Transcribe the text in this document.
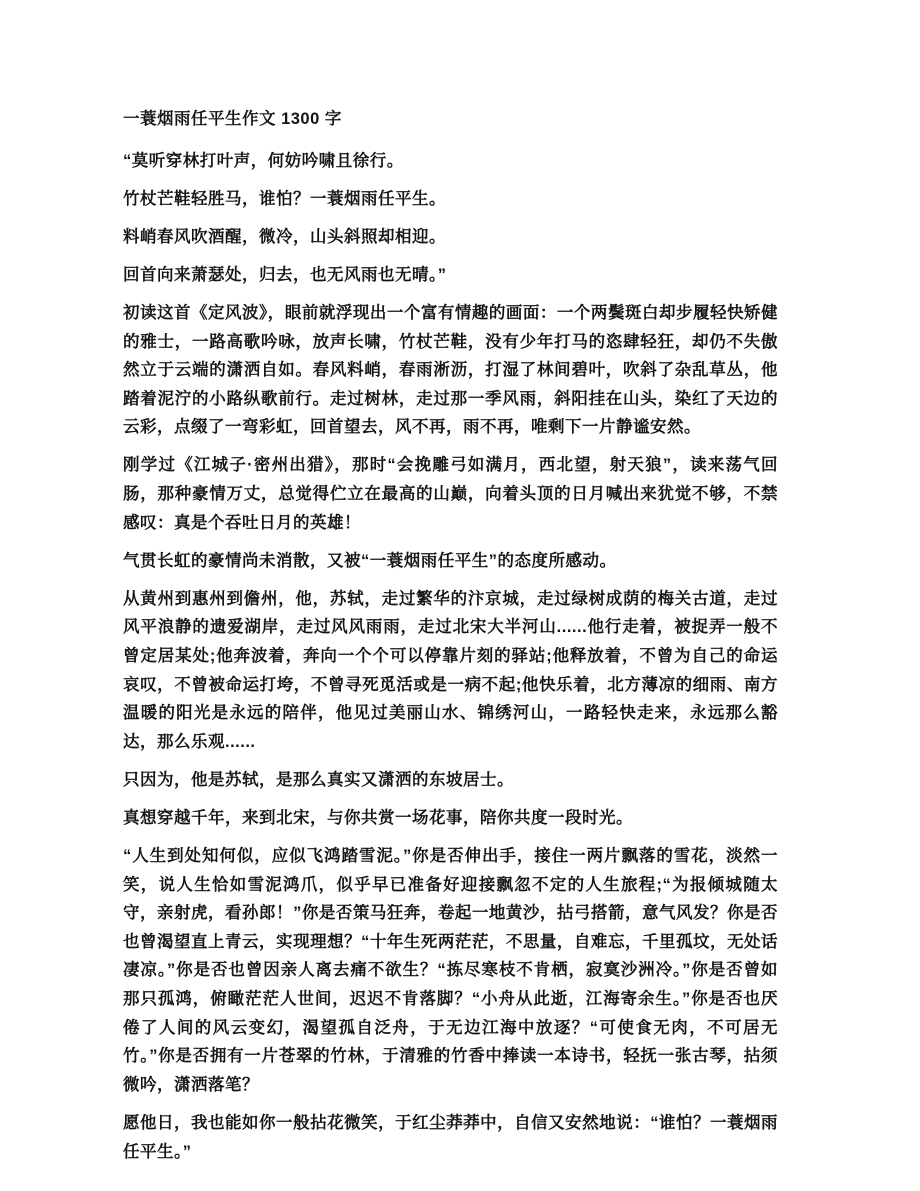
一蓑烟雨任平生作文 1300 字

“莫听穿林打叶声，何妨吟啸且徐行。

竹杖芒鞋轻胜马，谁怕？一蓑烟雨任平生。

料峭春风吹酒醒，微冷，山头斜照却相迎。

回首向来萧瑟处，归去，也无风雨也无晴。”

初读这首《定风波》，眼前就浮现出一个富有情趣的画面：一个两鬓斑白却步履轻快矫健的雅士，一路高歌吟咏，放声长啸，竹杖芒鞋，没有少年打马的恣肆轻狂，却仍不失傲然立于云端的潇洒自如。春风料峭，春雨淅沥，打湿了林间碧叶，吹斜了杂乱草丛，他踏着泥泞的小路纵歌前行。走过树林，走过那一季风雨，斜阳挂在山头，染红了天边的云彩，点缀了一弯彩虹，回首望去，风不再，雨不再，唯剩下一片静谧安然。

刚学过《江城子·密州出猎》，那时“会挽雕弓如满月，西北望，射天狼”，读来荡气回肠，那种豪情万丈，总觉得伫立在最高的山巅，向着头顶的日月喊出来犹觉不够，不禁感叹：真是个吞吐日月的英雄！

气贯长虹的豪情尚未消散，又被“一蓑烟雨任平生”的态度所感动。

从黄州到惠州到儋州，他，苏轼，走过繁华的汴京城，走过绿树成荫的梅关古道，走过风平浪静的遗爱湖岸，走过风风雨雨，走过北宋大半河山......他行走着，被捉弄一般不曾定居某处;他奔波着，奔向一个个可以停靠片刻的驿站;他释放着，不曾为自己的命运哀叹，不曾被命运打垮，不曾寻死觅活或是一病不起;他快乐着，北方薄凉的细雨、南方温暖的阳光是永远的陪伴，他见过美丽山水、锦绣河山，一路轻快走来，永远那么豁达，那么乐观......

只因为，他是苏轼，是那么真实又潇洒的东坡居士。

真想穿越千年，来到北宋，与你共赏一场花事，陪你共度一段时光。

“人生到处知何似，应似飞鸿踏雪泥。”你是否伸出手，接住一两片飘落的雪花，淡然一笑，说人生恰如雪泥鸿爪，似乎早已准备好迎接飘忽不定的人生旅程;“为报倾城随太守，亲射虎，看孙郎！”你是否策马狂奔，卷起一地黄沙，拈弓搭箭，意气风发？你是否也曾渴望直上青云，实现理想？“十年生死两茫茫，不思量，自难忘，千里孤坟，无处话凄凉。”你是否也曾因亲人离去痛不欲生？“拣尽寒枝不肯栖，寂寞沙洲冷。”你是否曾如那只孤鸿，俯瞰茫茫人世间，迟迟不肯落脚？“小舟从此逝，江海寄余生。”你是否也厌倦了人间的风云变幻，渴望孤自泛舟，于无边江海中放逐？“可使食无肉，不可居无竹。”你是否拥有一片苍翠的竹林，于清雅的竹香中捧读一本诗书，轻抚一张古琴，拈须微吟，潇洒落笔？

愿他日，我也能如你一般拈花微笑，于红尘莽莽中，自信又安然地说：“谁怕？一蓑烟雨任平生。”
